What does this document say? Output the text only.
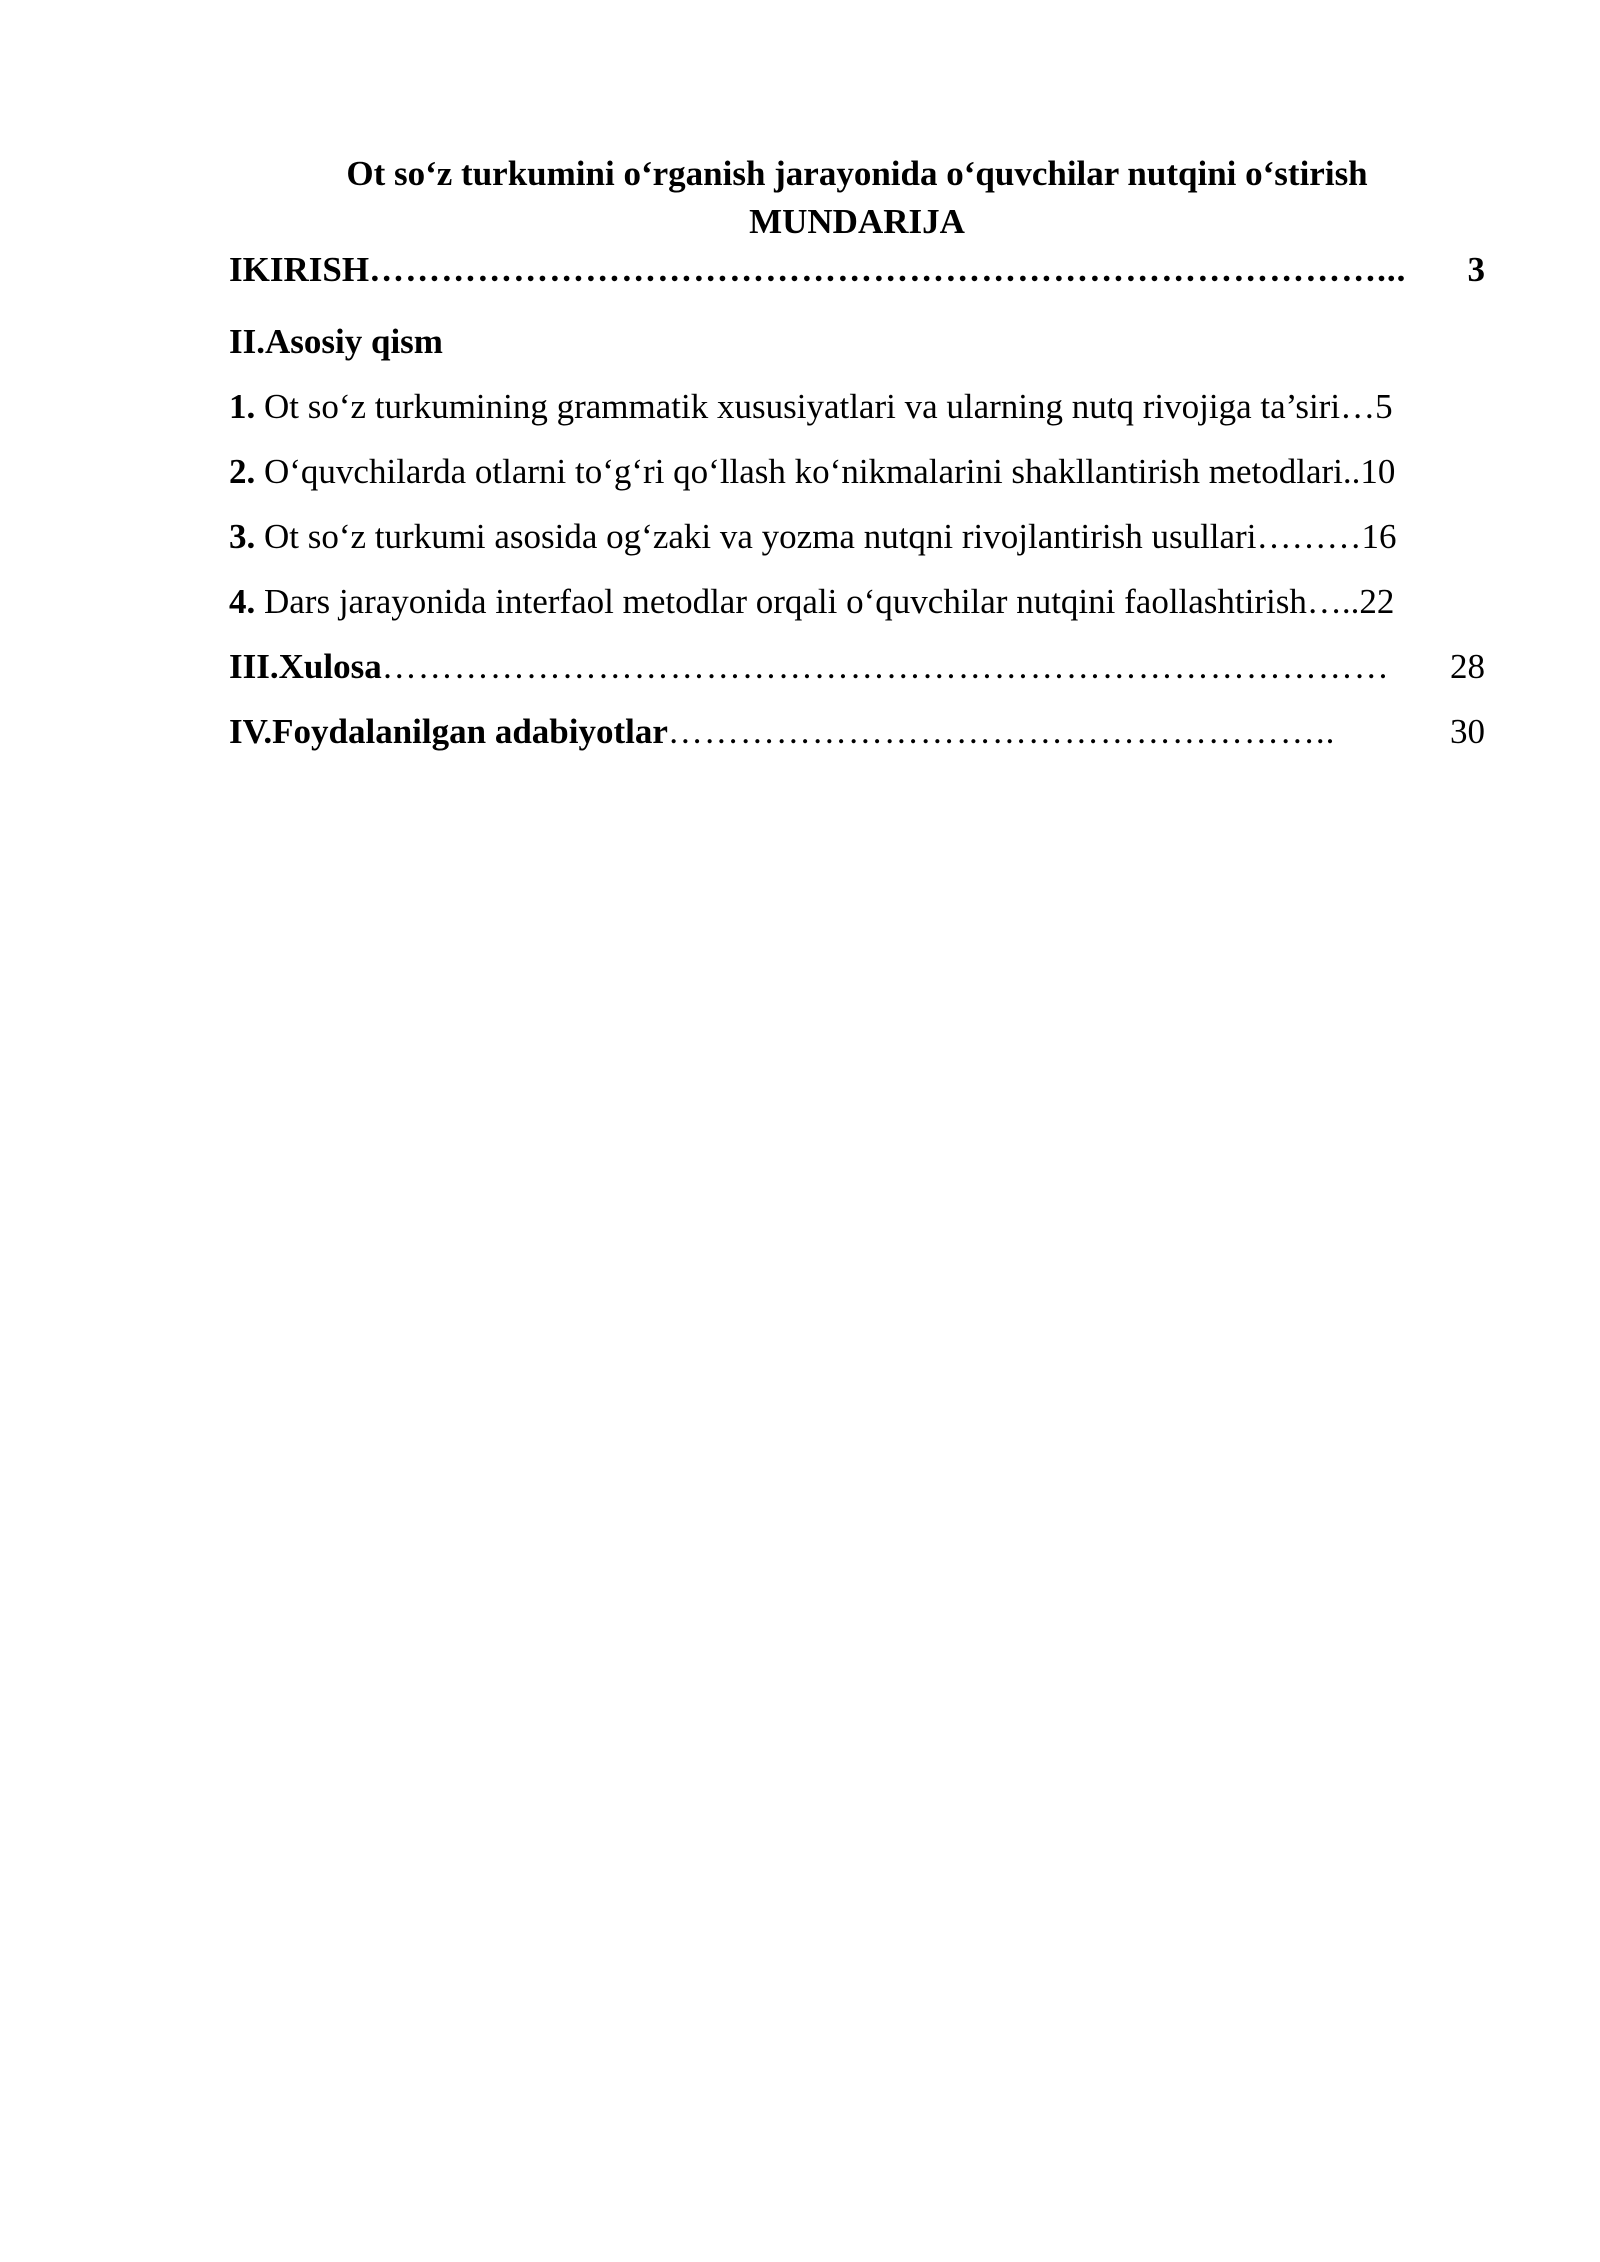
Ot so‘z turkumini o‘rganish jarayonida o‘quvchilar nutqini o‘stirish

MUNDARIJA

IKIRISH …………………………………………………………………………...	3
II.Asosiy qism
1. Ot so‘z turkumining grammatik xususiyatlari va ularning nutq rivojiga ta’siri … 5
2. O‘quvchilarda otlarni to‘g‘ri qo‘llash ko‘nikmalarini shakllantirish metodlari .. 10
3. Ot so‘z turkumi asosida og‘zaki va yozma nutqni rivojlantirish usullari ……… 16
4. Dars jarayonida interfaol metodlar orqali o‘quvchilar nutqini faollashtirish ….. 22
III.Xulosa …………………………………………………………………………	28
IV.Foydalanilgan adabiyotlar ………………………………………………..	30
